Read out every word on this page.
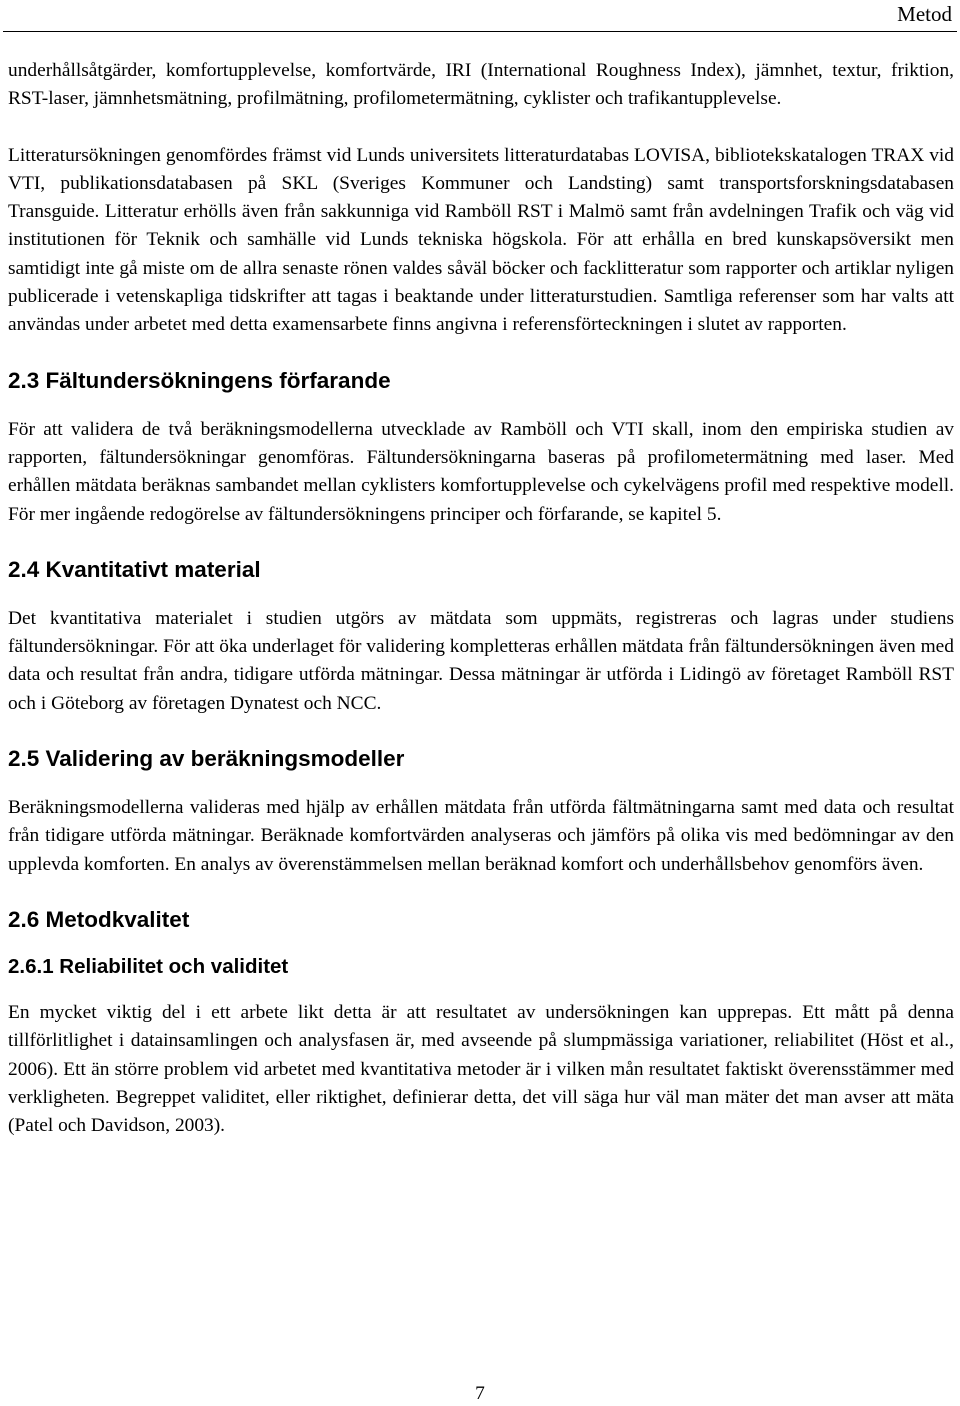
Metod

underhållsåtgärder, komfortupplevelse, komfortvärde, IRI (International Roughness Index), jämnhet, textur, friktion, RST-laser, jämnhetsmätning, profilmätning, profilometermätning, cyklister och trafikantupplevelse.

Litteratursökningen genomfördes främst vid Lunds universitets litteraturdatabas LOVISA, bibliotekskatalogen TRAX vid VTI, publikationsdatabasen på SKL (Sveriges Kommuner och Landsting) samt transportsforskningsdatabasen Transguide. Litteratur erhölls även från sakkunniga vid Ramböll RST i Malmö samt från avdelningen Trafik och väg vid institutionen för Teknik och samhälle vid Lunds tekniska högskola. För att erhålla en bred kunskapsöversikt men samtidigt inte gå miste om de allra senaste rönen valdes såväl böcker och facklitteratur som rapporter och artiklar nyligen publicerade i vetenskapliga tidskrifter att tagas i beaktande under litteraturstudien. Samtliga referenser som har valts att användas under arbetet med detta examensarbete finns angivna i referensförteckningen i slutet av rapporten.

2.3 Fältundersökningens förfarande

För att validera de två beräkningsmodellerna utvecklade av Ramböll och VTI skall, inom den empiriska studien av rapporten, fältundersökningar genomföras. Fältundersökningarna baseras på profilometermätning med laser. Med erhållen mätdata beräknas sambandet mellan cyklisters komfortupplevelse och cykelvägens profil med respektive modell. För mer ingående redogörelse av fältundersökningens principer och förfarande, se kapitel 5.

2.4 Kvantitativt material

Det kvantitativa materialet i studien utgörs av mätdata som uppmäts, registreras och lagras under studiens fältundersökningar. För att öka underlaget för validering kompletteras erhållen mätdata från fältundersökningen även med data och resultat från andra, tidigare utförda mätningar. Dessa mätningar är utförda i Lidingö av företaget Ramböll RST och i Göteborg av företagen Dynatest och NCC.

2.5 Validering av beräkningsmodeller

Beräkningsmodellerna valideras med hjälp av erhållen mätdata från utförda fältmätningarna samt med data och resultat från tidigare utförda mätningar. Beräknade komfortvärden analyseras och jämförs på olika vis med bedömningar av den upplevda komforten. En analys av överenstämmelsen mellan beräknad komfort och underhållsbehov genomförs även.

2.6 Metodkvalitet
2.6.1 Reliabilitet och validitet

En mycket viktig del i ett arbete likt detta är att resultatet av undersökningen kan upprepas. Ett mått på denna tillförlitlighet i datainsamlingen och analysfasen är, med avseende på slumpmässiga variationer, reliabilitet (Höst et al., 2006). Ett än större problem vid arbetet med kvantitativa metoder är i vilken mån resultatet faktiskt överensstämmer med verkligheten. Begreppet validitet, eller riktighet, definierar detta, det vill säga hur väl man mäter det man avser att mäta (Patel och Davidson, 2003).

7
